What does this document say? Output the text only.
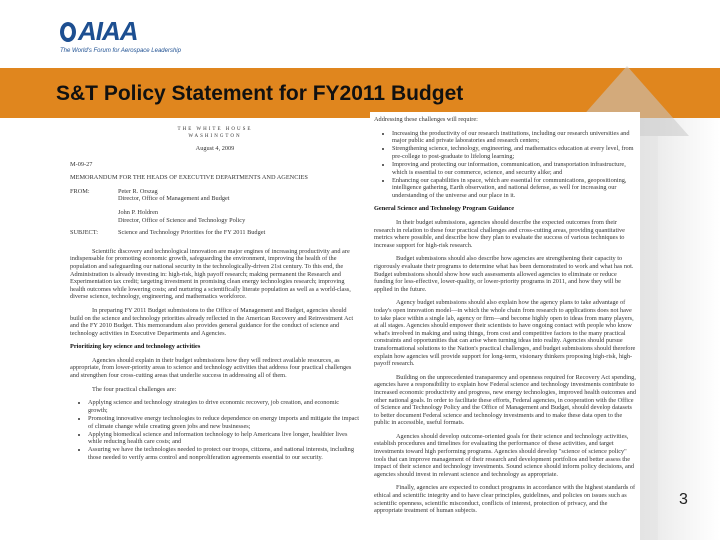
AIAA
The World's Forum for Aerospace Leadership
S&T Policy Statement for FY2011 Budget
THE WHITE HOUSE
WASHINGTON
August 4, 2009
M-09-27
MEMORANDUM FOR THE HEADS OF EXECUTIVE DEPARTMENTS AND AGENCIES
FROM:	Peter R. Orszag
Director, Office of Management and Budget
John P. Holdren
Director, Office of Science and Technology Policy
SUBJECT:	Science and Technology Priorities for the FY 2011 Budget
Scientific discovery and technological innovation are major engines of increasing productivity and are indispensable for promoting economic growth, safeguarding the environment, improving the health of the population and safeguarding our national security in the technologically-driven 21st century. To this end, the Administration is already investing in: high-risk, high payoff research; making permanent the Research and Experimentation tax credit; targeting investment in promising clean energy technologies research; improving health outcomes while lowering costs; and nurturing a scientifically literate population as well as a world-class, diverse science, technology, engineering, and mathematics workforce.
In preparing FY 2011 Budget submissions to the Office of Management and Budget, agencies should build on the science and technology priorities already reflected in the American Recovery and Reinvestment Act and the FY 2010 Budget. This memorandum also provides general guidance for the conduct of science and technology activities in Executive Departments and Agencies.
Prioritizing key science and technology activities
Agencies should explain in their budget submissions how they will redirect available resources, as appropriate, from lower-priority areas to science and technology activities that address four practical challenges and strengthen four cross-cutting areas that underlie success in addressing all of them.
The four practical challenges are:
• Applying science and technology strategies to drive economic recovery, job creation, and economic growth;
• Promoting innovative energy technologies to reduce dependence on energy imports and mitigate the impact of climate change while creating green jobs and new businesses;
• Applying biomedical science and information technology to help Americans live longer, healthier lives while reducing health care costs; and
• Assuring we have the technologies needed to protect our troops, citizens, and national interests, including those needed to verify arms control and nonproliferation agreements essential to our security.
Addressing these challenges will require:
• Increasing the productivity of our research institutions, including our research universities and major public and private laboratories and research centers;
• Strengthening science, technology, engineering, and mathematics education at every level, from pre-college to post-graduate to lifelong learning;
• Improving and protecting our information, communication, and transportation infrastructure, which is essential to our commerce, science, and security alike; and
• Enhancing our capabilities in space, which are essential for communications, geopositioning, intelligence gathering, Earth observation, and national defense, as well for increasing our understanding of the universe and our place in it.
General Science and Technology Program Guidance
In their budget submissions, agencies should describe the expected outcomes from their research in relation to these four practical challenges and cross-cutting areas, providing quantitative metrics where possible, and describe how they plan to evaluate the success of various techniques to increase support for high-risk research.
Budget submissions should also describe how agencies are strengthening their capacity to rigorously evaluate their programs to determine what has been demonstrated to work and what has not. Budget submissions should show how such assessments allowed agencies to eliminate or reduce funding for less-effective, lower-quality, or lower-priority programs in 2011, and how they will be applied in the future.
Agency budget submissions should also explain how the agency plans to take advantage of today's open innovation model—in which the whole chain from research to applications does not have to take place within a single lab, agency or firm—and become highly open to ideas from many players, at all stages. Agencies should empower their scientists to have ongoing contact with people who know what's involved in making and using things, from cost and competitive factors to the many practical constraints and opportunities that can arise when turning ideas into reality. Agencies should pursue transformational solutions to the Nation's practical challenges, and budget submissions should therefore explain how agencies will provide support for long-term, visionary thinkers proposing high-risk, high-payoff research.
Building on the unprecedented transparency and openness required for Recovery Act spending, agencies have a responsibility to explain how Federal science and technology investments contribute to increased economic productivity and progress, new energy technologies, improved health outcomes and other national goals. In order to facilitate these efforts, Federal agencies, in cooperation with the Office of Science and Technology Policy and the Office of Management and Budget, should develop datasets to better document Federal science and technology investments and to make these data open to the public in accessible, useful formats.
Agencies should develop outcome-oriented goals for their science and technology activities, establish procedures and timelines for evaluating the performance of these activities, and target investments toward high performing programs. Agencies should develop "science of science policy" tools that can improve management of their research and development portfolios and better assess the impact of their science and technology investments. Sound science should inform policy decisions, and agencies should invest in relevant science and technology as appropriate.
Finally, agencies are expected to conduct programs in accordance with the highest standards of ethical and scientific integrity and to have clear principles, guidelines, and policies on issues such as scientific openness, scientific misconduct, conflicts of interest, protection of privacy, and the appropriate treatment of human subjects.
3
